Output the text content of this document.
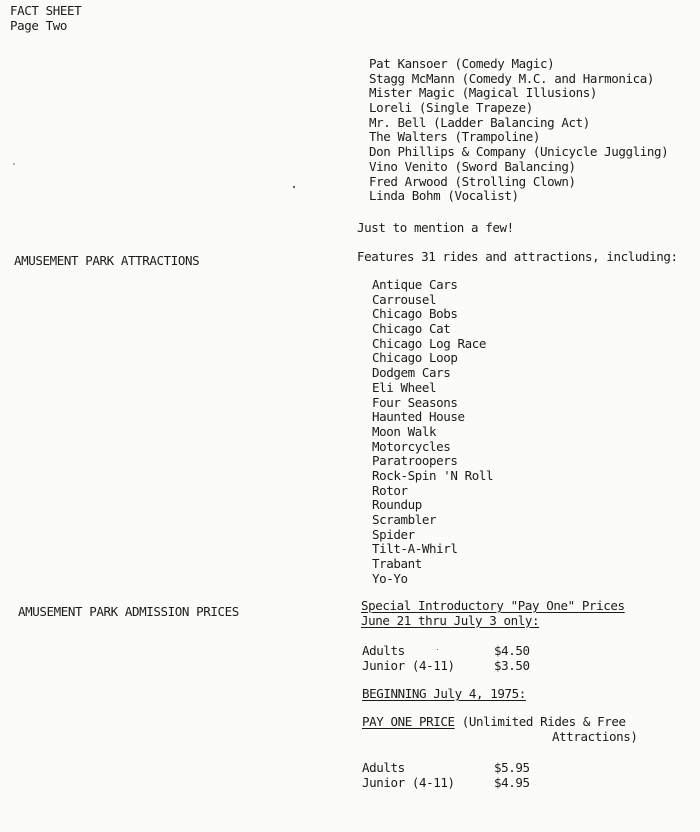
FACT SHEET
Page Two
Pat Kansoer (Comedy Magic)
Stagg McMann (Comedy M.C. and Harmonica)
Mister Magic (Magical Illusions)
Loreli (Single Trapeze)
Mr. Bell (Ladder Balancing Act)
The Walters (Trampoline)
Don Phillips & Company (Unicycle Juggling)
Vino Venito (Sword Balancing)
Fred Arwood (Strolling Clown)
Linda Bohm (Vocalist)
Just to mention a few!
AMUSEMENT PARK ATTRACTIONS	Features 31 rides and attractions, including:
Antique Cars
Carrousel
Chicago Bobs
Chicago Cat
Chicago Log Race
Chicago Loop
Dodgem Cars
Eli Wheel
Four Seasons
Haunted House
Moon Walk
Motorcycles
Paratroopers
Rock-Spin 'N Roll
Rotor
Roundup
Scrambler
Spider
Tilt-A-Whirl
Trabant
Yo-Yo
AMUSEMENT PARK ADMISSION PRICES	Special Introductory "Pay One" Prices
June 21 thru July 3 only:
Adults	$4.50
Junior (4-11)	$3.50
BEGINNING July 4, 1975:
PAY ONE PRICE (Unlimited Rides & Free
Attractions)
Adults	$5.95
Junior (4-11)	$4.95
